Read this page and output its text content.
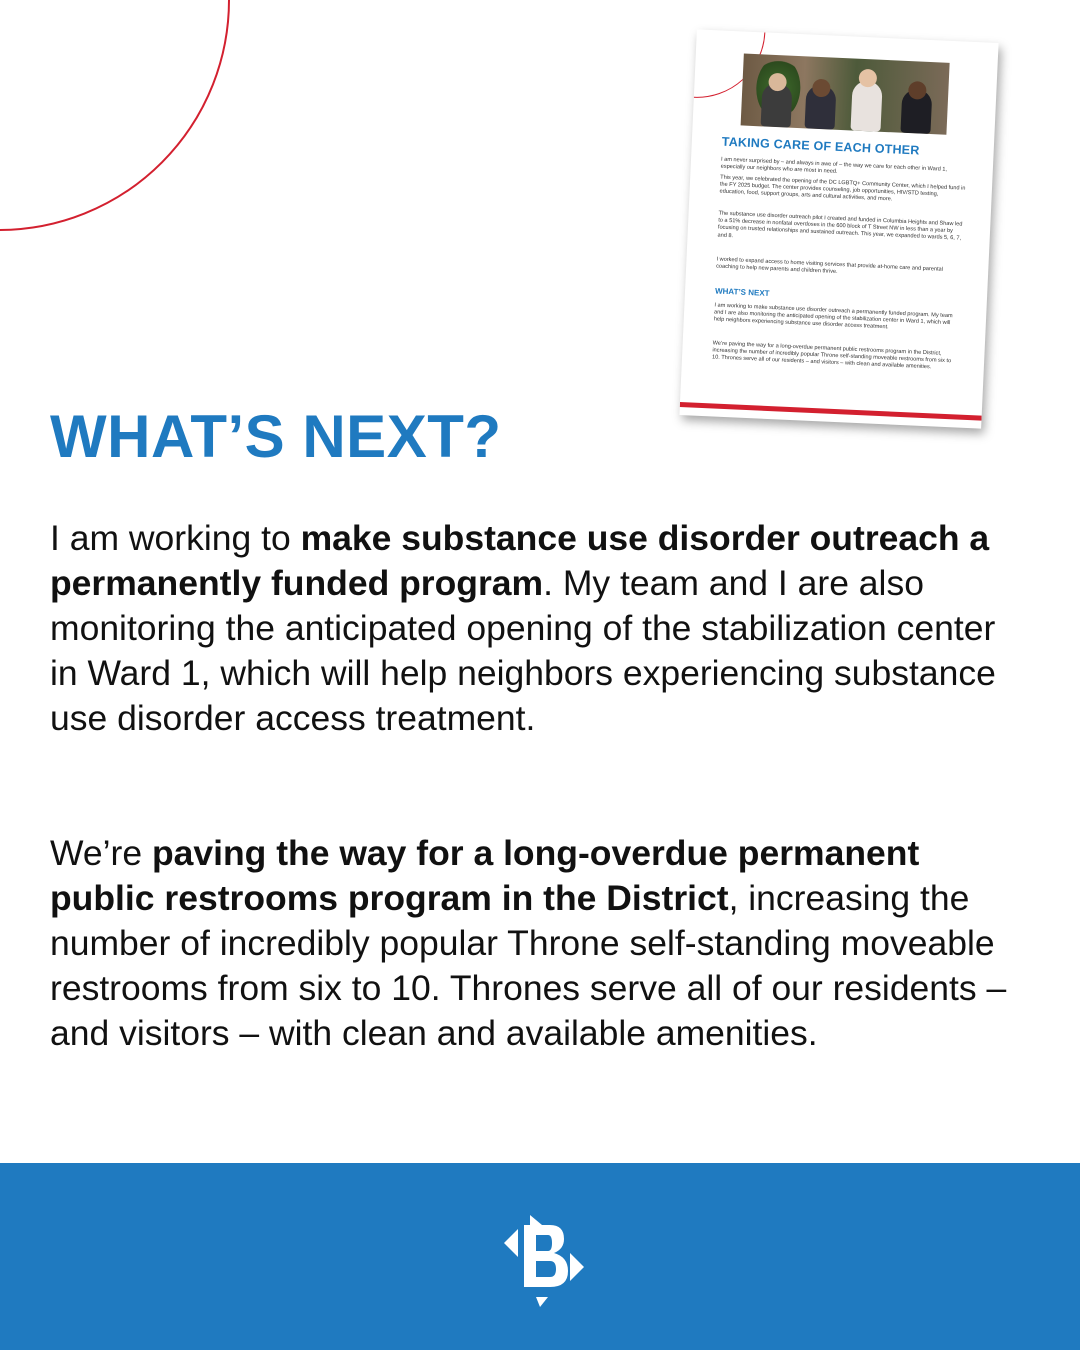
TAKING CARE OF EACH OTHER
I am never surprised by – and always in awe of – the way we care for each other in Ward 1, especially our neighbors who are most in need.
This year, we celebrated the opening of the DC LGBTQ+ Community Center, which I helped fund in the FY 2025 budget. The center provides counseling, job opportunities, HIV/STD testing, education, food, support groups, arts and cultural activities, and more.
The substance use disorder outreach pilot I created and funded in Columbia Heights and Shaw led to a 51% decrease in nonfatal overdoses in the 600 block of T Street NW in less than a year by focusing on trusted relationships and sustained outreach. This year, we expanded to wards 5, 6, 7, and 8.
I worked to expand access to home visiting services that provide at-home care and parental coaching to help new parents and children thrive.
WHAT’S NEXT
I am working to make substance use disorder outreach a permanently funded program. My team and I are also monitoring the anticipated opening of the stabilization center in Ward 1, which will help neighbors experiencing substance use disorder access treatment.
We’re paving the way for a long-overdue permanent public restrooms program in the District, increasing the number of incredibly popular Throne self-standing moveable restrooms from six to 10. Thrones serve all of our residents – and visitors – with clean and available amenities.
WHAT’S NEXT?

I am working to make substance use disorder outreach a permanently funded program. My team and I are also monitoring the anticipated opening of the stabilization center in Ward 1, which will help neighbors experiencing substance use disorder access treatment.

We’re paving the way for a long-overdue permanent public restrooms program in the District, increasing the number of incredibly popular Throne self-standing moveable restrooms from six to 10. Thrones serve all of our residents – and visitors – with clean and available amenities.
